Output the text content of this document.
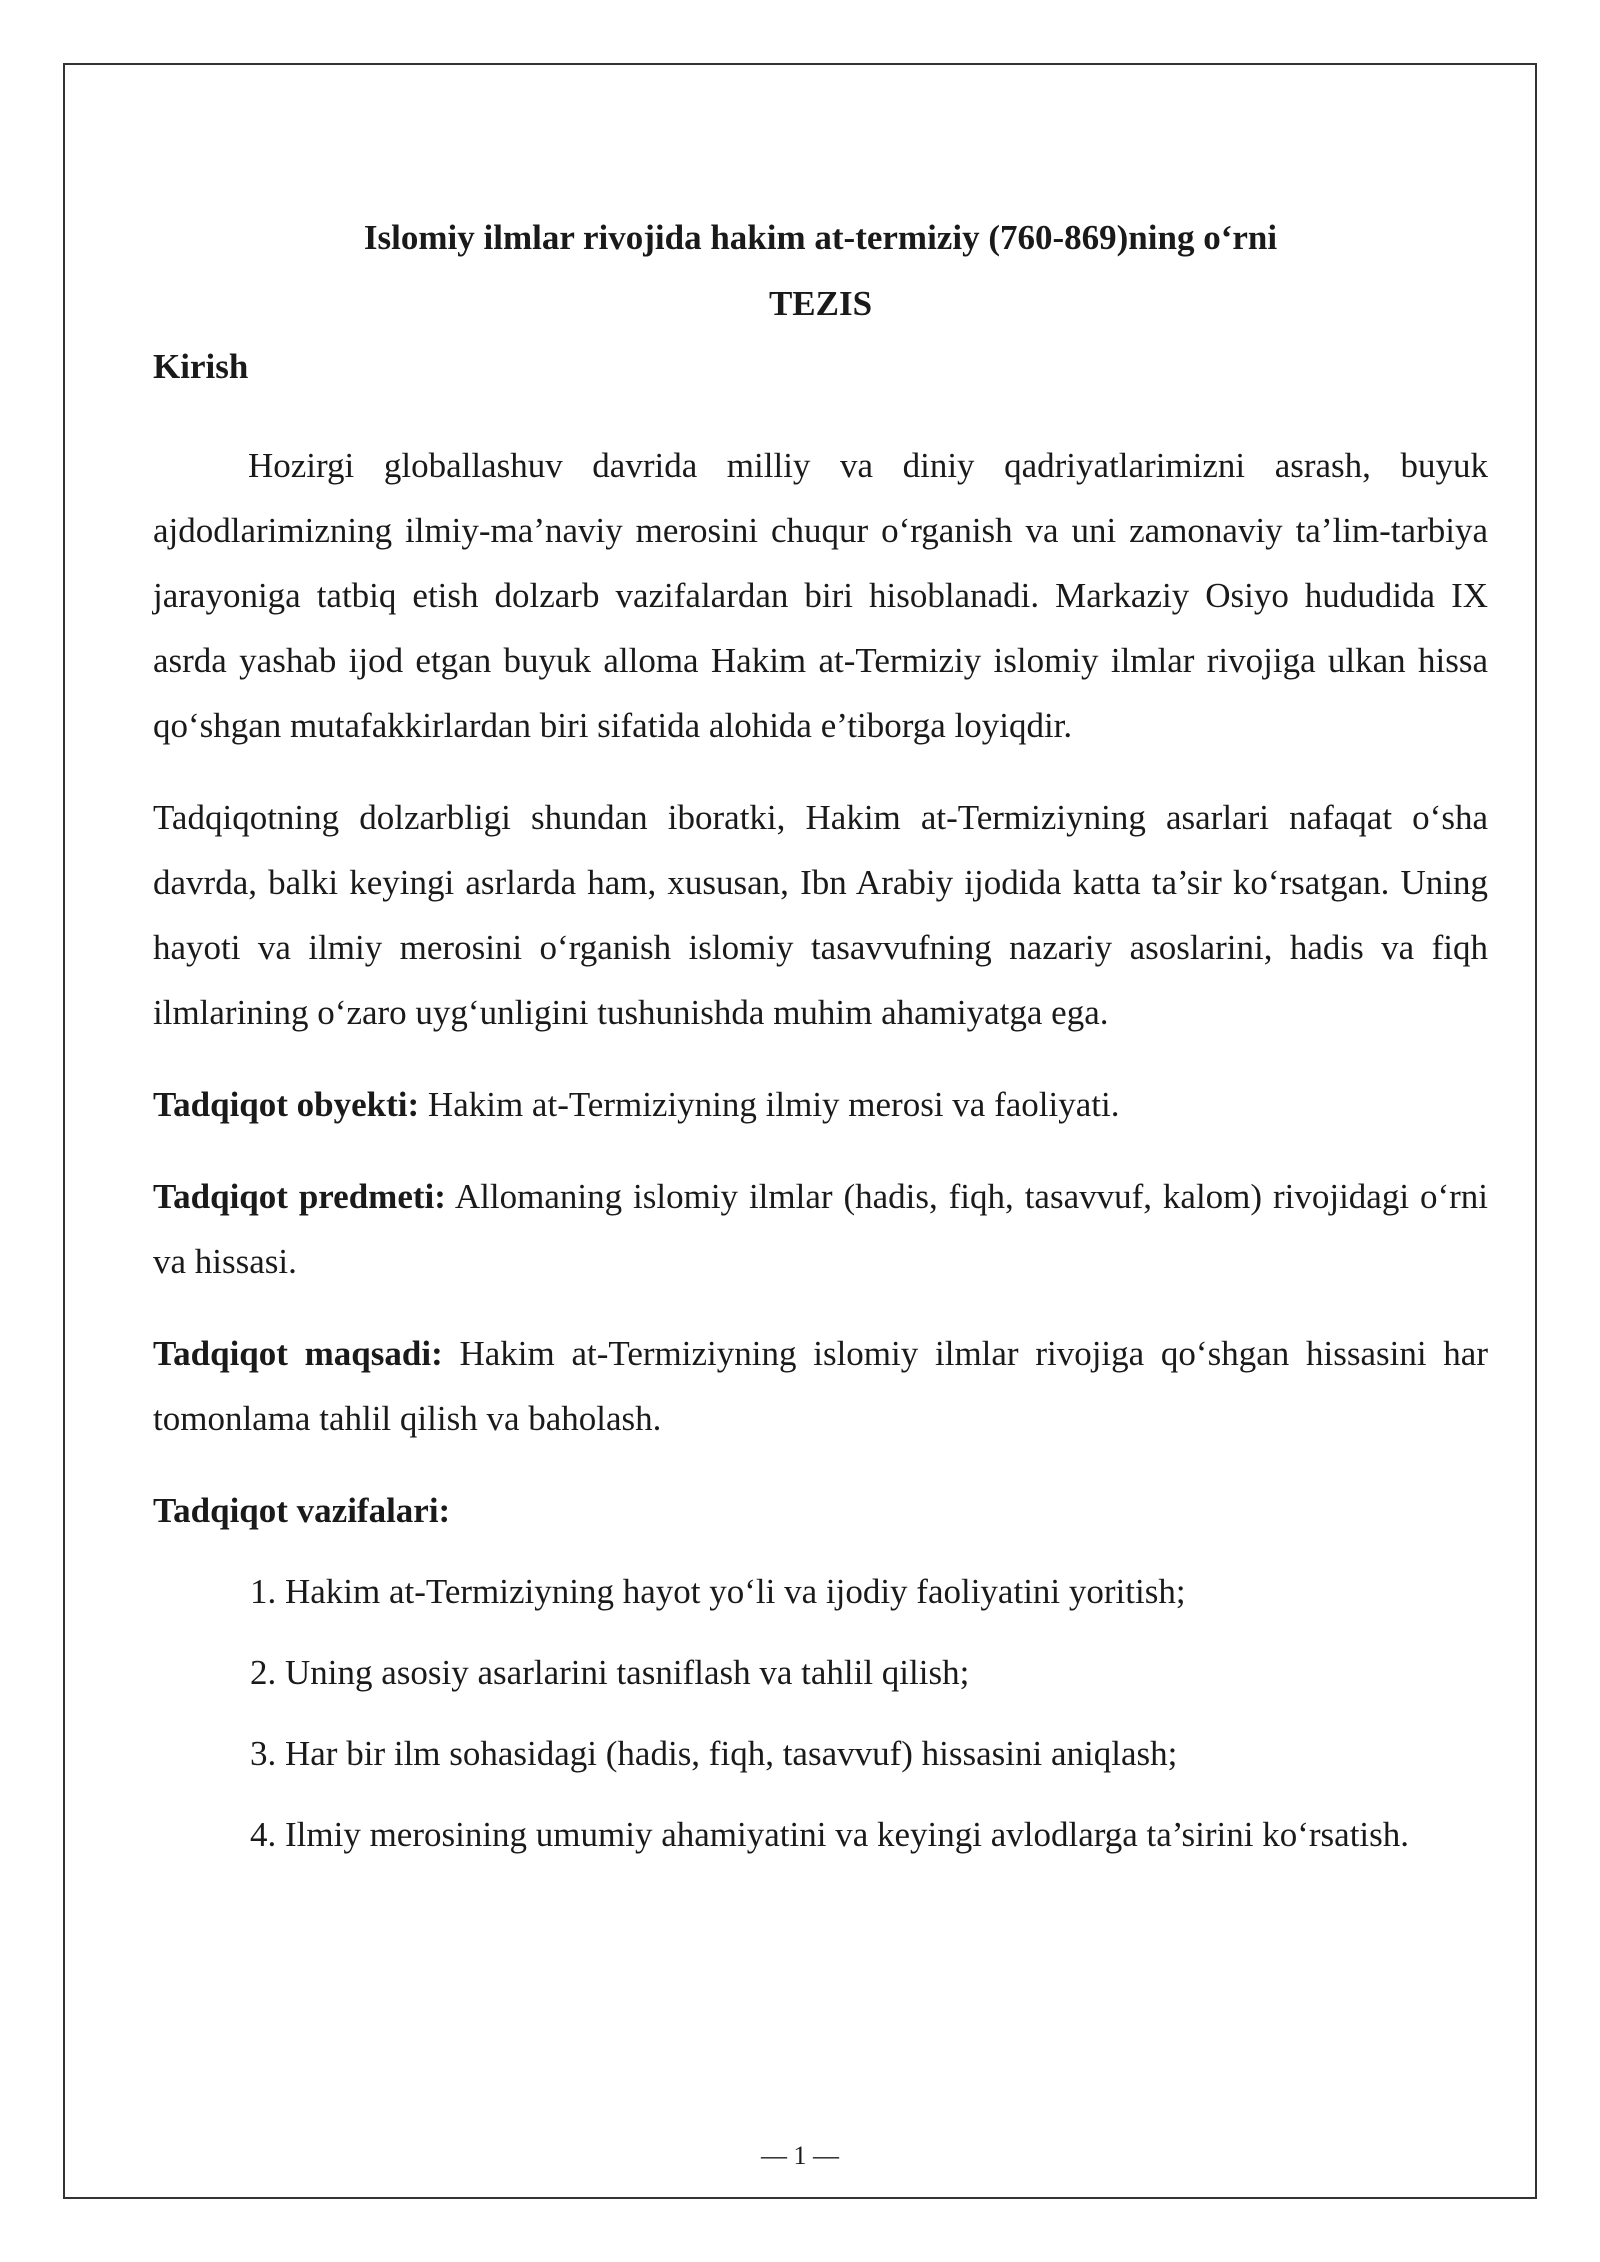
Islomiy ilmlar rivojida hakim at-termiziy (760-869)ning o‘rni
TEZIS
Kirish

Hozirgi globallashuv davrida milliy va diniy qadriyatlarimizni asrash, buyuk ajdodlarimizning ilmiy-ma’naviy merosini chuqur o‘rganish va uni zamonaviy ta’lim-tarbiya jarayoniga tatbiq etish dolzarb vazifalardan biri hisoblanadi. Markaziy Osiyo hududida IX asrda yashab ijod etgan buyuk alloma Hakim at-Termiziy islomiy ilmlar rivojiga ulkan hissa qo‘shgan mutafakkirlardan biri sifatida alohida e’tiborga loyiqdir.

Tadqiqotning dolzarbligi shundan iboratki, Hakim at-Termiziyning asarlari nafaqat o‘sha davrda, balki keyingi asrlarda ham, xususan, Ibn Arabiy ijodida katta ta’sir ko‘rsatgan. Uning hayoti va ilmiy merosini o‘rganish islomiy tasavvufning nazariy asoslarini, hadis va fiqh ilmlarining o‘zaro uyg‘unligini tushunishda muhim ahamiyatga ega.

Tadqiqot obyekti: Hakim at-Termiziyning ilmiy merosi va faoliyati.

Tadqiqot predmeti: Allomaning islomiy ilmlar (hadis, fiqh, tasavvuf, kalom) rivojidagi o‘rni va hissasi.

Tadqiqot maqsadi: Hakim at-Termiziyning islomiy ilmlar rivojiga qo‘shgan hissasini har tomonlama tahlil qilish va baholash.

Tadqiqot vazifalari:
1. Hakim at-Termiziyning hayot yo‘li va ijodiy faoliyatini yoritish;
2. Uning asosiy asarlarini tasniflash va tahlil qilish;
3. Har bir ilm sohasidagi (hadis, fiqh, tasavvuf) hissasini aniqlash;
4. Ilmiy merosining umumiy ahamiyatini va keyingi avlodlarga ta’sirini ko‘rsatish.
— 1 —
